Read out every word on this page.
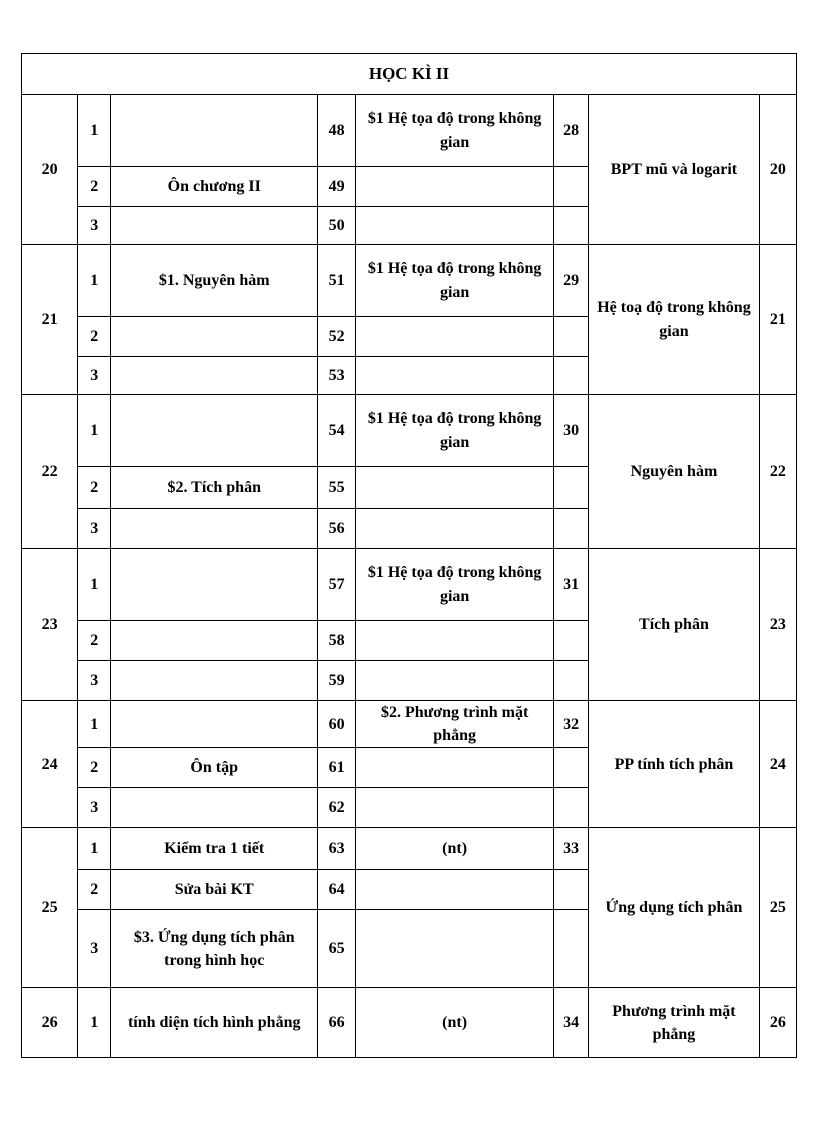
HỌC KÌ II							
20	1		48	$1 Hệ tọa độ trong không gian	28	BPT mũ và logarit	20
	2	Ôn chương II	49				
	3		50				
21	1	$1. Nguyên hàm	51	$1 Hệ tọa độ trong không gian	29	Hệ toạ độ trong không gian	21
	2		52				
	3		53				
22	1		54	$1 Hệ tọa độ trong không gian	30	Nguyên hàm	22
	2	$2. Tích phân	55				
	3		56				
23	1		57	$1 Hệ tọa độ trong không gian	31	Tích phân	23
	2		58				
	3		59				
24	1		60	$2. Phương trình mặt phẳng	32	PP tính tích phân	24
	2	Ôn tập	61				
	3		62				
25	1	Kiểm tra 1 tiết	63	(nt)	33	Ứng dụng tích phân	25
	2	Sửa bài KT	64				
	3	$3. Ứng dụng tích phân trong hình học	65				
26	1	tính diện tích hình phẳng	66	(nt)	34	Phương trình mặt phẳng	26
